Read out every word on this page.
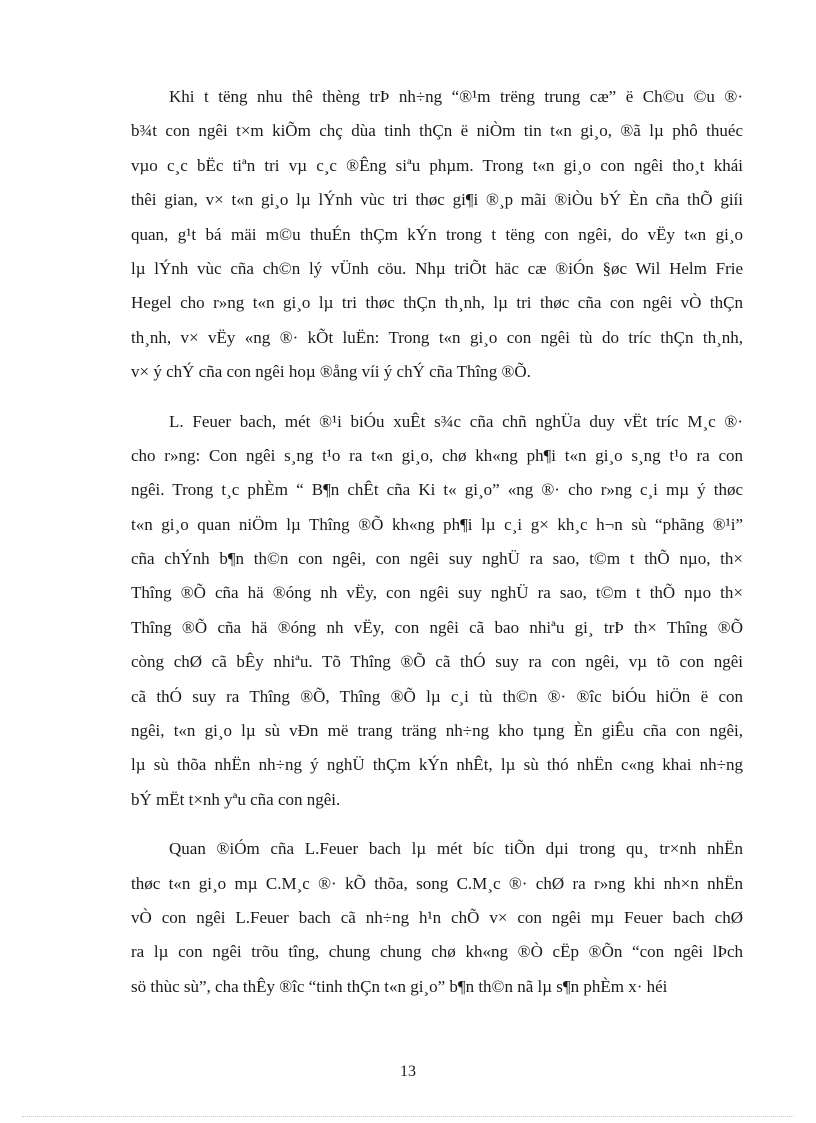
Khi t tëng nhu thê thèng trÞ nh÷ng “®¹m trëng trung cæ” ë Ch©u ©u ®·
b¾t con ngêi t×m kiÕm chç dùa tinh thÇn ë niÒm tin t«n gi¸o, ®ã lµ phô thuéc
vµo c¸c bËc tiªn tri vµ c¸c ®Êng siªu phµm. Trong t«n gi¸o con ngêi tho¸t khái
thêi gian, v× t«n gi¸o lµ lÝnh vùc tri thøc gi¶i ®¸p mãi ®iÒu bÝ Èn cña thÕ giíi
quan, g¹t bá mäi m©u thuÉn thÇm kÝn trong t tëng con ngêi, do vËy t«n gi¸o
lµ lÝnh vùc cña ch©n lý vÜnh cöu. Nhµ triÕt häc cæ ®iÓn §øc Wil Helm Frie
Hegel cho r»ng t«n gi¸o lµ tri thøc thÇn th¸nh, lµ tri thøc cña con ngêi vÒ thÇn
th¸nh, v× vËy «ng ®· kÕt luËn: Trong t«n gi¸o con ngêi tù do tríc thÇn th¸nh,
v× ý chÝ cña con ngêi hoµ ®ång víi ý chÝ cña Thîng ®Õ.
L. Feuer bach, mét ®¹i biÓu xuÊt s¾c cña chñ nghÜa duy vËt tríc M¸c ®·
cho r»ng: Con ngêi s¸ng t¹o ra t«n gi¸o, chø kh«ng ph¶i t«n gi¸o s¸ng t¹o ra con
ngêi. Trong t¸c phÈm “ B¶n chÊt cña Ki t« gi¸o” «ng ®· cho r»ng c¸i mµ ý thøc
t«n gi¸o quan niÖm lµ Thîng ®Õ kh«ng ph¶i lµ c¸i g× kh¸c h¬n sù “phãng ®¹i”
cña chÝnh b¶n th©n con ngêi, con ngêi suy nghÜ ra sao, t©m t thÕ nµo, th×
Thîng ®Õ cña hä ®óng nh vËy, con ngêi suy nghÜ ra sao, t©m t thÕ nµo th×
Thîng ®Õ cña hä ®óng nh vËy, con ngêi cã bao nhiªu gi¸ trÞ th× Thîng ®Õ
còng chØ cã bÊy nhiªu. Tõ Thîng ®Õ cã thÓ suy ra con ngêi, vµ tõ con ngêi
cã thÓ suy ra Thîng ®Õ, Thîng ®Õ lµ c¸i tù th©n ®· ®îc biÓu hiÖn ë con
ngêi, t«n gi¸o lµ sù vÐn më trang träng nh÷ng kho tµng Èn giÊu cña con ngêi,
lµ sù thõa nhËn nh÷ng ý nghÜ thÇm kÝn nhÊt, lµ sù thó nhËn c«ng khai nh÷ng
bÝ mËt t×nh yªu cña con ngêi.
Quan ®iÓm cña L.Feuer bach lµ mét bíc tiÕn dµi trong qu¸ tr×nh nhËn
thøc t«n gi¸o mµ C.M¸c ®· kÕ thõa, song C.M¸c ®· chØ ra r»ng khi nh×n nhËn
vÒ con ngêi L.Feuer bach cã nh÷ng h¹n chÕ v× con ngêi mµ Feuer bach chØ
ra lµ con ngêi trõu tîng, chung chung chø kh«ng ®Ò cËp ®Õn “con ngêi lÞch
sö thùc sù”, cha thÊy ®îc “tinh thÇn t«n gi¸o” b¶n th©n nã lµ s¶n phÈm x· héi
13
